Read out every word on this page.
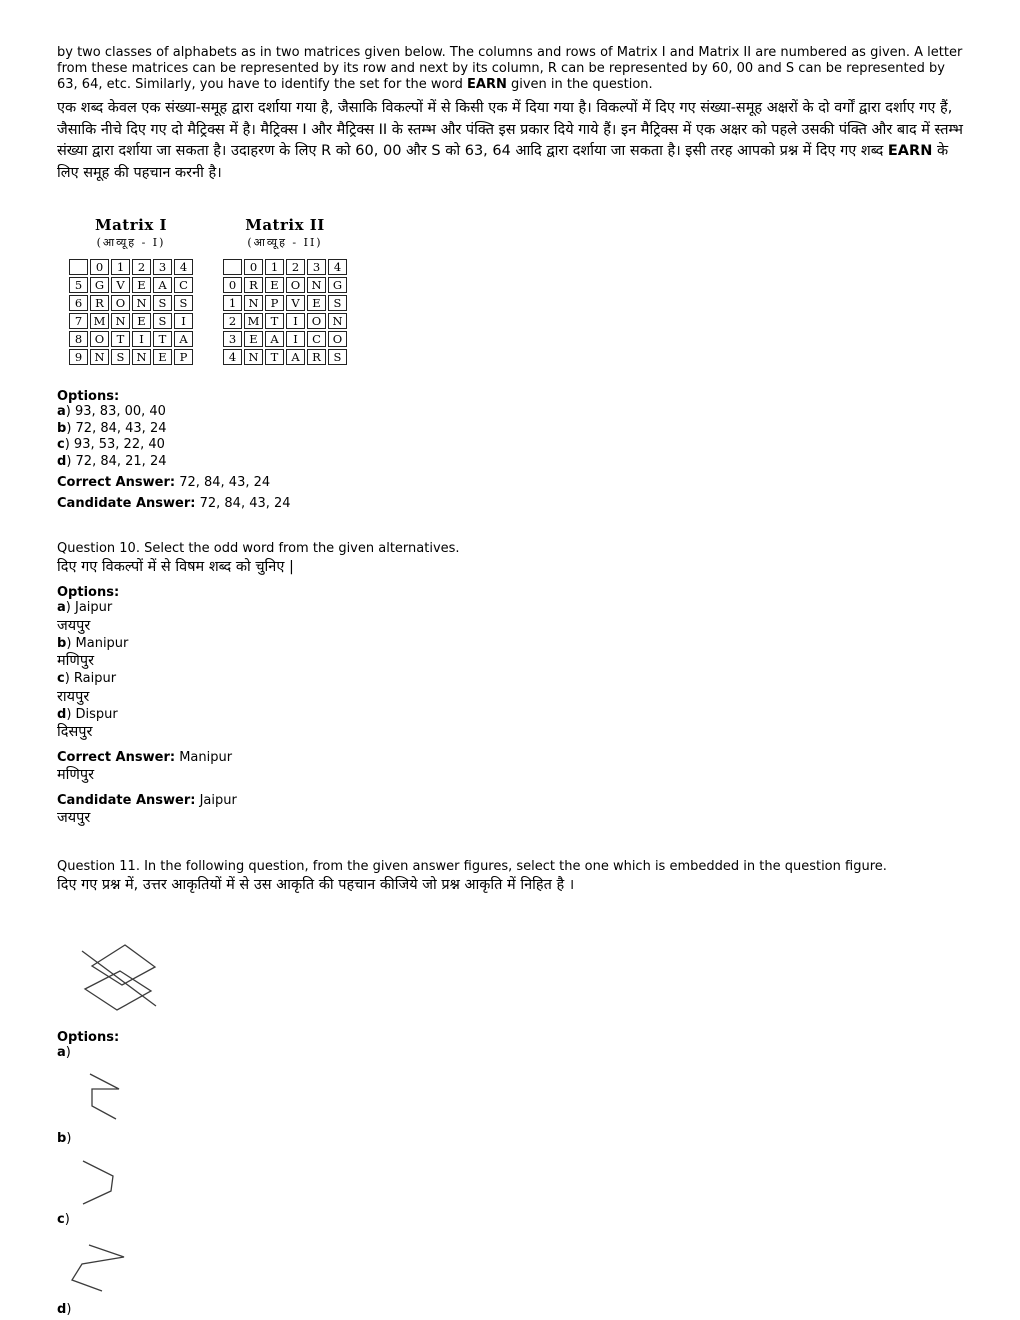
by two classes of alphabets as in two matrices given below. The columns and rows of Matrix I and Matrix II are numbered as given. A letter from these matrices can be represented by its row and next by its column, R can be represented by 60, 00 and S can be represented by 63, 64, etc. Similarly, you have to identify the set for the word EARN given in the question.
एक शब्द केवल एक संख्या-समूह द्वारा दर्शाया गया है, जैसाकि विकल्पों में से किसी एक में दिया गया है। विकल्पों में दिए गए संख्या-समूह अक्षरों के दो वर्गों द्वारा दर्शाए गए हैं, जैसाकि नीचे दिए गए दो मैट्रिक्स में है। मैट्रिक्स I और मैट्रिक्स II के स्तम्भ और पंक्ति इस प्रकार दिये गाये हैं। इन मैट्रिक्स में एक अक्षर को पहले उसकी पंक्ति और बाद में स्तम्भ संख्या द्वारा दर्शाया जा सकता है। उदाहरण के लिए R को 60, 00 और S को 63, 64 आदि द्वारा दर्शाया जा सकता है। इसी तरह आपको प्रश्न में दिए गए शब्द EARN के लिए समूह की पहचान करनी है।
Matrix I
(आव्यूह - I)
	0	1	2	3	4
5	G	V	E	A	C
6	R	O	N	S	S
7	M	N	E	S	I
8	O	T	I	T	A
9	N	S	N	E	P
Matrix II
(आव्यूह - II)
	0	1	2	3	4
0	R	E	O	N	G
1	N	P	V	E	S
2	M	T	I	O	N
3	E	A	I	C	O
4	N	T	A	R	S
Options:
a) 93, 83, 00, 40
b) 72, 84, 43, 24
c) 93, 53, 22, 40
d) 72, 84, 21, 24
Correct Answer: 72, 84, 43, 24
Candidate Answer: 72, 84, 43, 24
Question 10. Select the odd word from the given alternatives.
दिए गए विकल्पों में से विषम शब्द को चुनिए |
Options:
a) Jaipur
जयपुर
b) Manipur
मणिपुर
c) Raipur
रायपुर
d) Dispur
दिसपुर
Correct Answer: Manipur
मणिपुर
Candidate Answer: Jaipur
जयपुर
Question 11. In the following question, from the given answer figures, select the one which is embedded in the question figure.
दिए गए प्रश्न में, उत्तर आकृतियों में से उस आकृति की पहचान कीजिये जो प्रश्न आकृति में निहित है ।
Options:
a)
b)
c)
d)
